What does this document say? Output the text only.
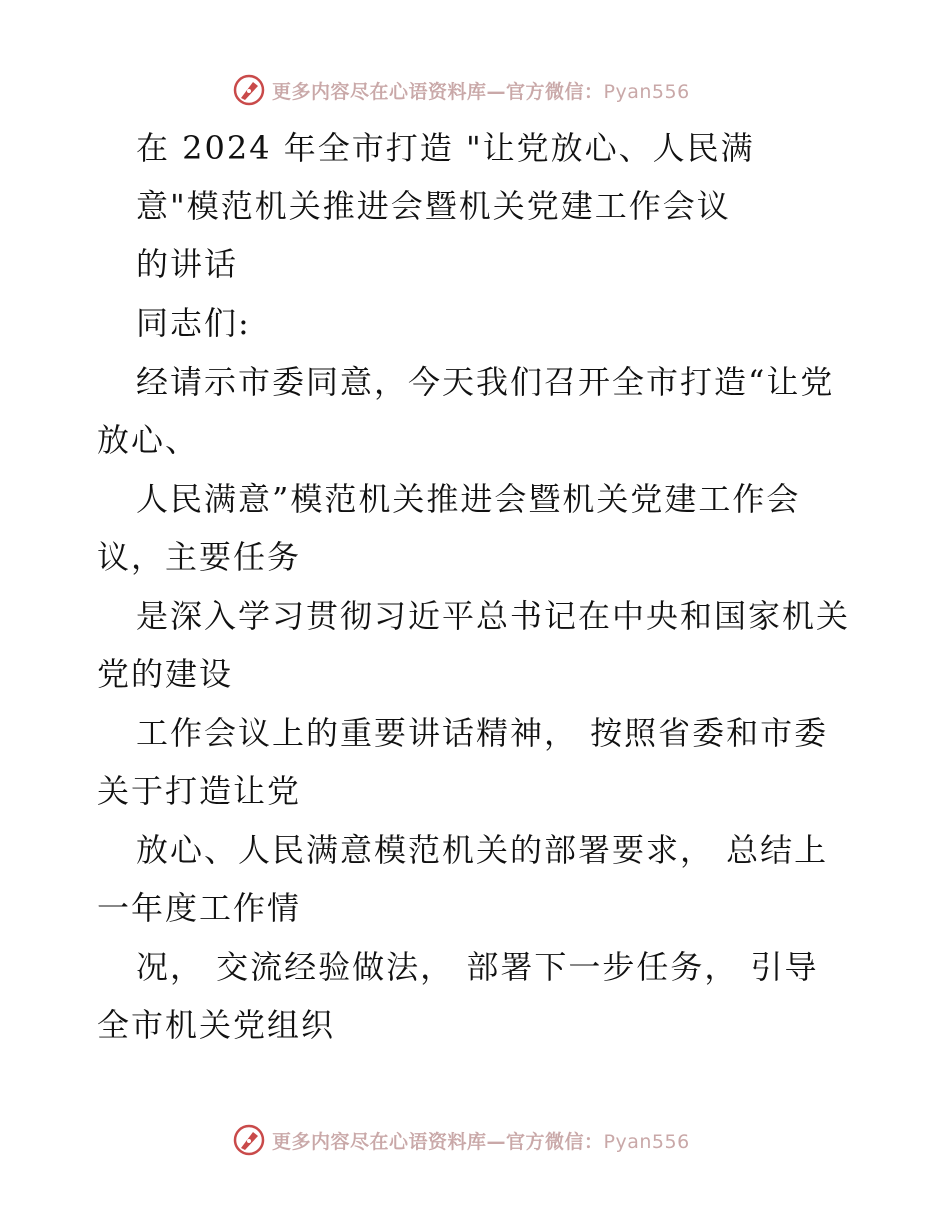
更多内容尽在心语资料库—官方微信：Pyan556
在 2024 年全市打造 "让党放心、人民满
意"模范机关推进会暨机关党建工作会议
的讲话
同志们:
经请示市委同意，今天我们召开全市打造“让党
放心、
人民满意”模范机关推进会暨机关党建工作会
议，主要任务
是深入学习贯彻习近平总书记在中央和国家机关
党的建设
工作会议上的重要讲话精神， 按照省委和市委
关于打造让党
放心、人民满意模范机关的部署要求， 总结上
一年度工作情
况， 交流经验做法， 部署下一步任务， 引导
全市机关党组织
更多内容尽在心语资料库—官方微信：Pyan556
